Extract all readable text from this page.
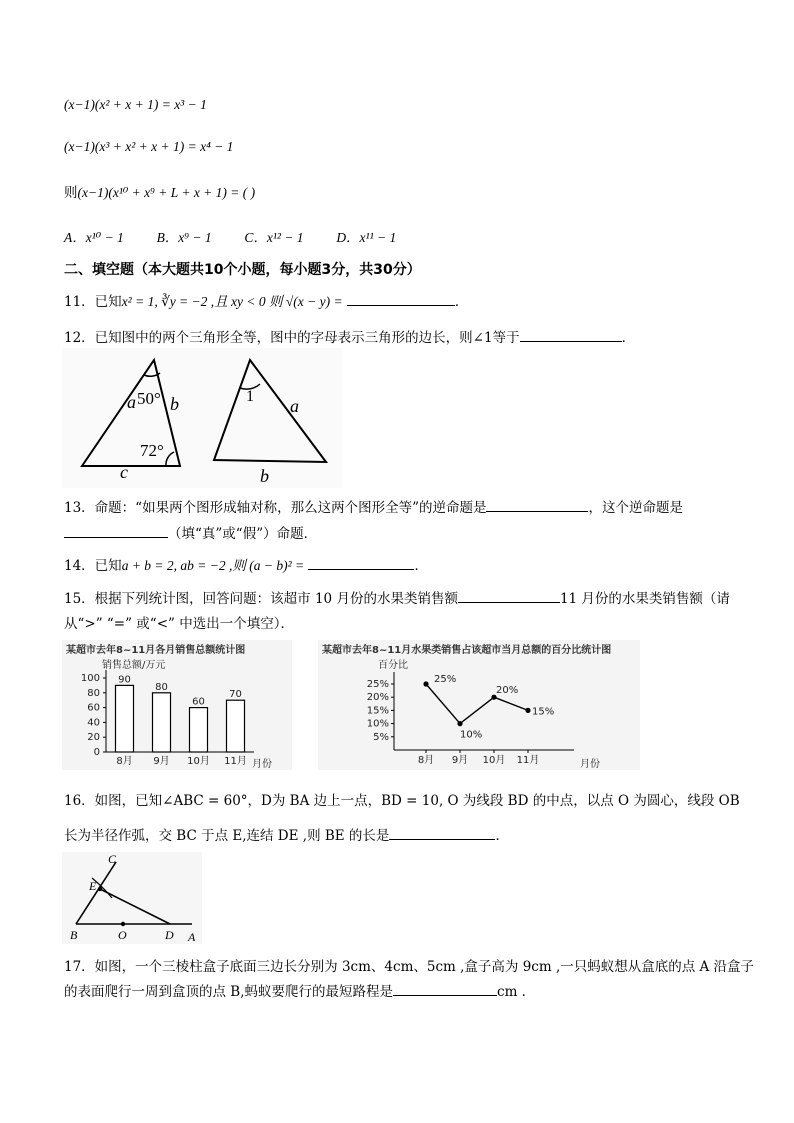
(x−1)(x² + x + 1) = x³ − 1
(x−1)(x³ + x² + x + 1) = x⁴ − 1
则(x−1)(x¹⁰ + x⁹ + L + x + 1) = ( )
A．x¹⁰ − 1 B．x⁹ − 1 C．x¹² − 1 D．x¹¹ − 1
二、填空题（本大题共10个小题，每小题3分，共30分）
11．已知x² = 1, ∛y = −2 ,且 xy < 0 则 √(x − y) =	．
12．已知图中的两个三角形全等，图中的字母表示三角形的边长，则∠1等于	．
a b
c
50°
72°
1 a
b
13．命题：“如果两个图形成轴对称，那么这两个图形全等”的逆命题是	，这个逆命题是
（填“真”或“假”）命题．
14．已知a + b = 2, ab = −2 ,则 (a − b)² =	．
15．根据下列统计图，回答问题：该超市 10 月份的水果类销售额	11 月份的水果类销售额（请
从“>” “=” 或“<” 中选出一个填空）．
某超市去年8~11月各月销售总额统计图
销售总额/万元
月份
0
20
40
60
80
100 90
8月
80
9月
60
10月
70
11月
某超市去年8~11月水果类销售占该超市当月总额的百分比统计图
百分比
月份
5%
10%
15%
20%
25%	25%
8月
10%
9月
20%
10月
15%
11月
16．如图，已知∠ABC = 60°，D为 BA 边上一点，BD = 10, O 为线段 BD 的中点，以点 O 为圆心，线段 OB
长为半径作弧，交 BC 于点 E,连结 DE ,则 BE 的长是	．
C
E
B	O	D A
17．如图，一个三棱柱盒子底面三边长分别为 3cm、4cm、5cm ,盒子高为 9cm ,一只蚂蚁想从盒底的点 A 沿盒子
的表面爬行一周到盒顶的点 B,蚂蚁要爬行的最短路程是	cm ．
